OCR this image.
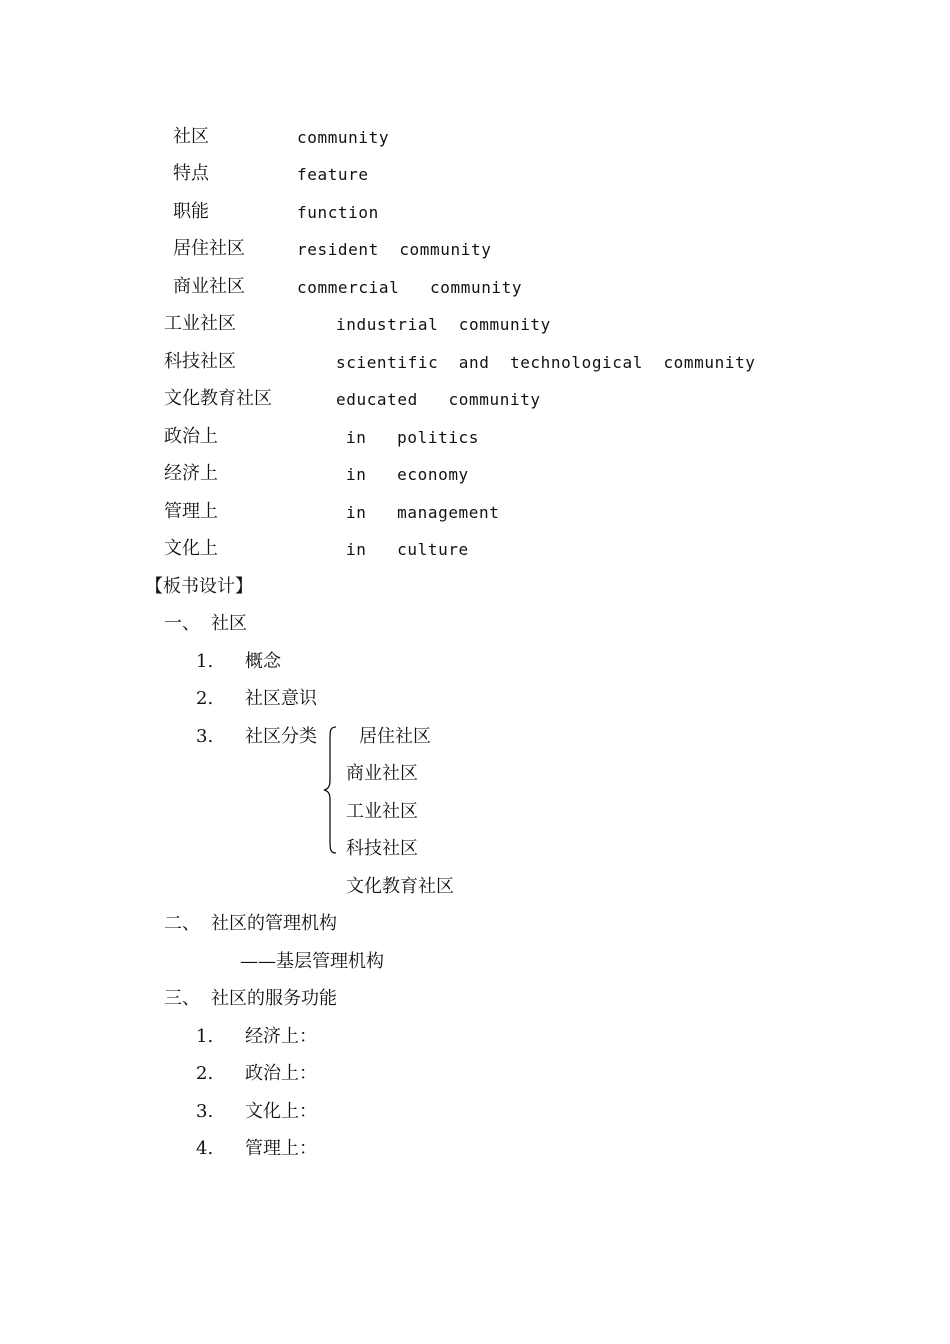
社区	community
特点	feature
职能	function
居住社区	resident  community
商业社区	commercial   community
工业社区	industrial  community
科技社区	scientific  and  technological  community
文化教育社区	educated   community
政治上	in   politics
经济上	in   economy
管理上	in   management
文化上	in   culture
【板书设计】
一、 社区
1. 概念
2. 社区意识
3. 社区分类 居住社区
商业社区
工业社区
科技社区
文化教育社区
二、 社区的管理机构
——基层管理机构
三、 社区的服务功能
1. 经济上：
2. 政治上：
3. 文化上：
4. 管理上：
